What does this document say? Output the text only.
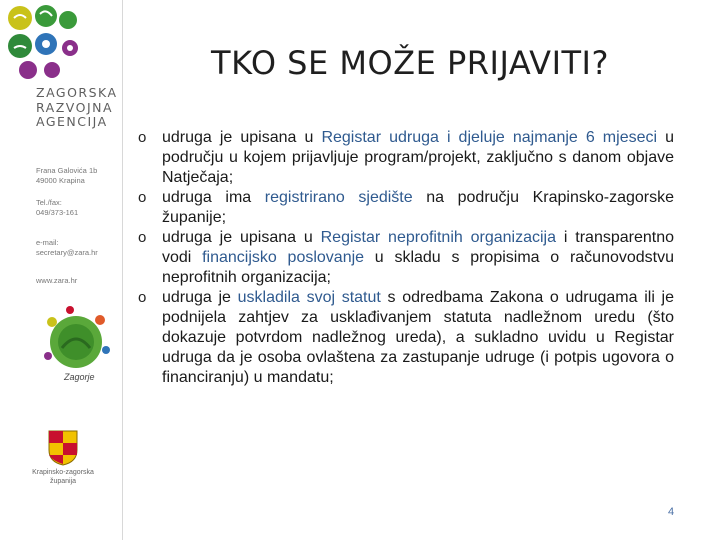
ZAGORSKA
RAZVOJNA
AGENCIJA
Frana Galovića 1b
49000 Krapina
Tel./fax:
049/373-161
e-mail:
secretary@zara.hr
www.zara.hr
Zagorje
Krapinsko-zagorska
županija
TKO SE MOŽE PRIJAVITI?
o udruga je upisana u Registar udruga i djeluje najmanje 6 mjeseci u području u kojem prijavljuje program/projekt, zaključno s danom objave Natječaja;
o udruga ima registrirano sjedište na području Krapinsko-zagorske županije;
o udruga je upisana u Registar neprofitnih organizacija i transparentno vodi financijsko poslovanje u skladu s propisima o računovodstvu neprofitnih organizacija;
o udruga je uskladila svoj statut s odredbama Zakona o udrugama ili je podnijela zahtjev za usklađivanjem statuta nadležnom uredu (što dokazuje potvrdom nadležnog ureda), a sukladno uvidu u Registar udruga da je osoba ovlaštena za zastupanje udruge (i potpis ugovora o financiranju) u mandatu;
4
